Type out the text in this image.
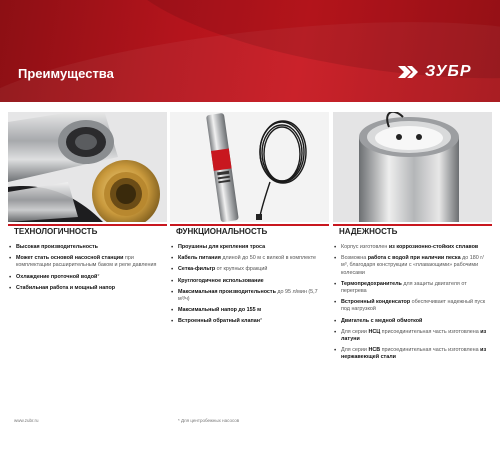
Преимущества	ЗУБР
ТЕХНОЛОГИЧНОСТЬ	ФУНКЦИОНАЛЬНОСТЬ	НАДЕЖНОСТЬ
• Высокая производительность
• Может стать основой насосной станции при комплектации расширительным баком и реле давления
• Охлаждение проточной водой*
• Стабильная работа и мощный напор
• Проушины для крепления троса
• Кабель питания длиной до 50 м с вилкой в комплекте
• Сетка-фильтр от крупных фракций
• Круглогодичное использование
• Максимальная производительность до 95 л/мин (5,7 м³/ч)
• Максимальный напор до 155 м
• Встроенный обратный клапан*
• Корпус изготовлен из коррозионно-стойких сплавов
• Возможна работа с водой при наличии песка до 180 г/м³, благодаря конструкции с «плавающими» рабочими колесами
• Термопредохранитель для защиты двигателя от перегрева
• Встроенный конденсатор обеспечивает надежный пуск под нагрузкой
• Двигатель с медной обмоткой
• Для серии НСЦ присоединительная часть изготовлена из латуни
• Для серии НСВ присоединительная часть изготовлена из нержавеющей стали
www.zubr.ru	* Для центробежных насосов
